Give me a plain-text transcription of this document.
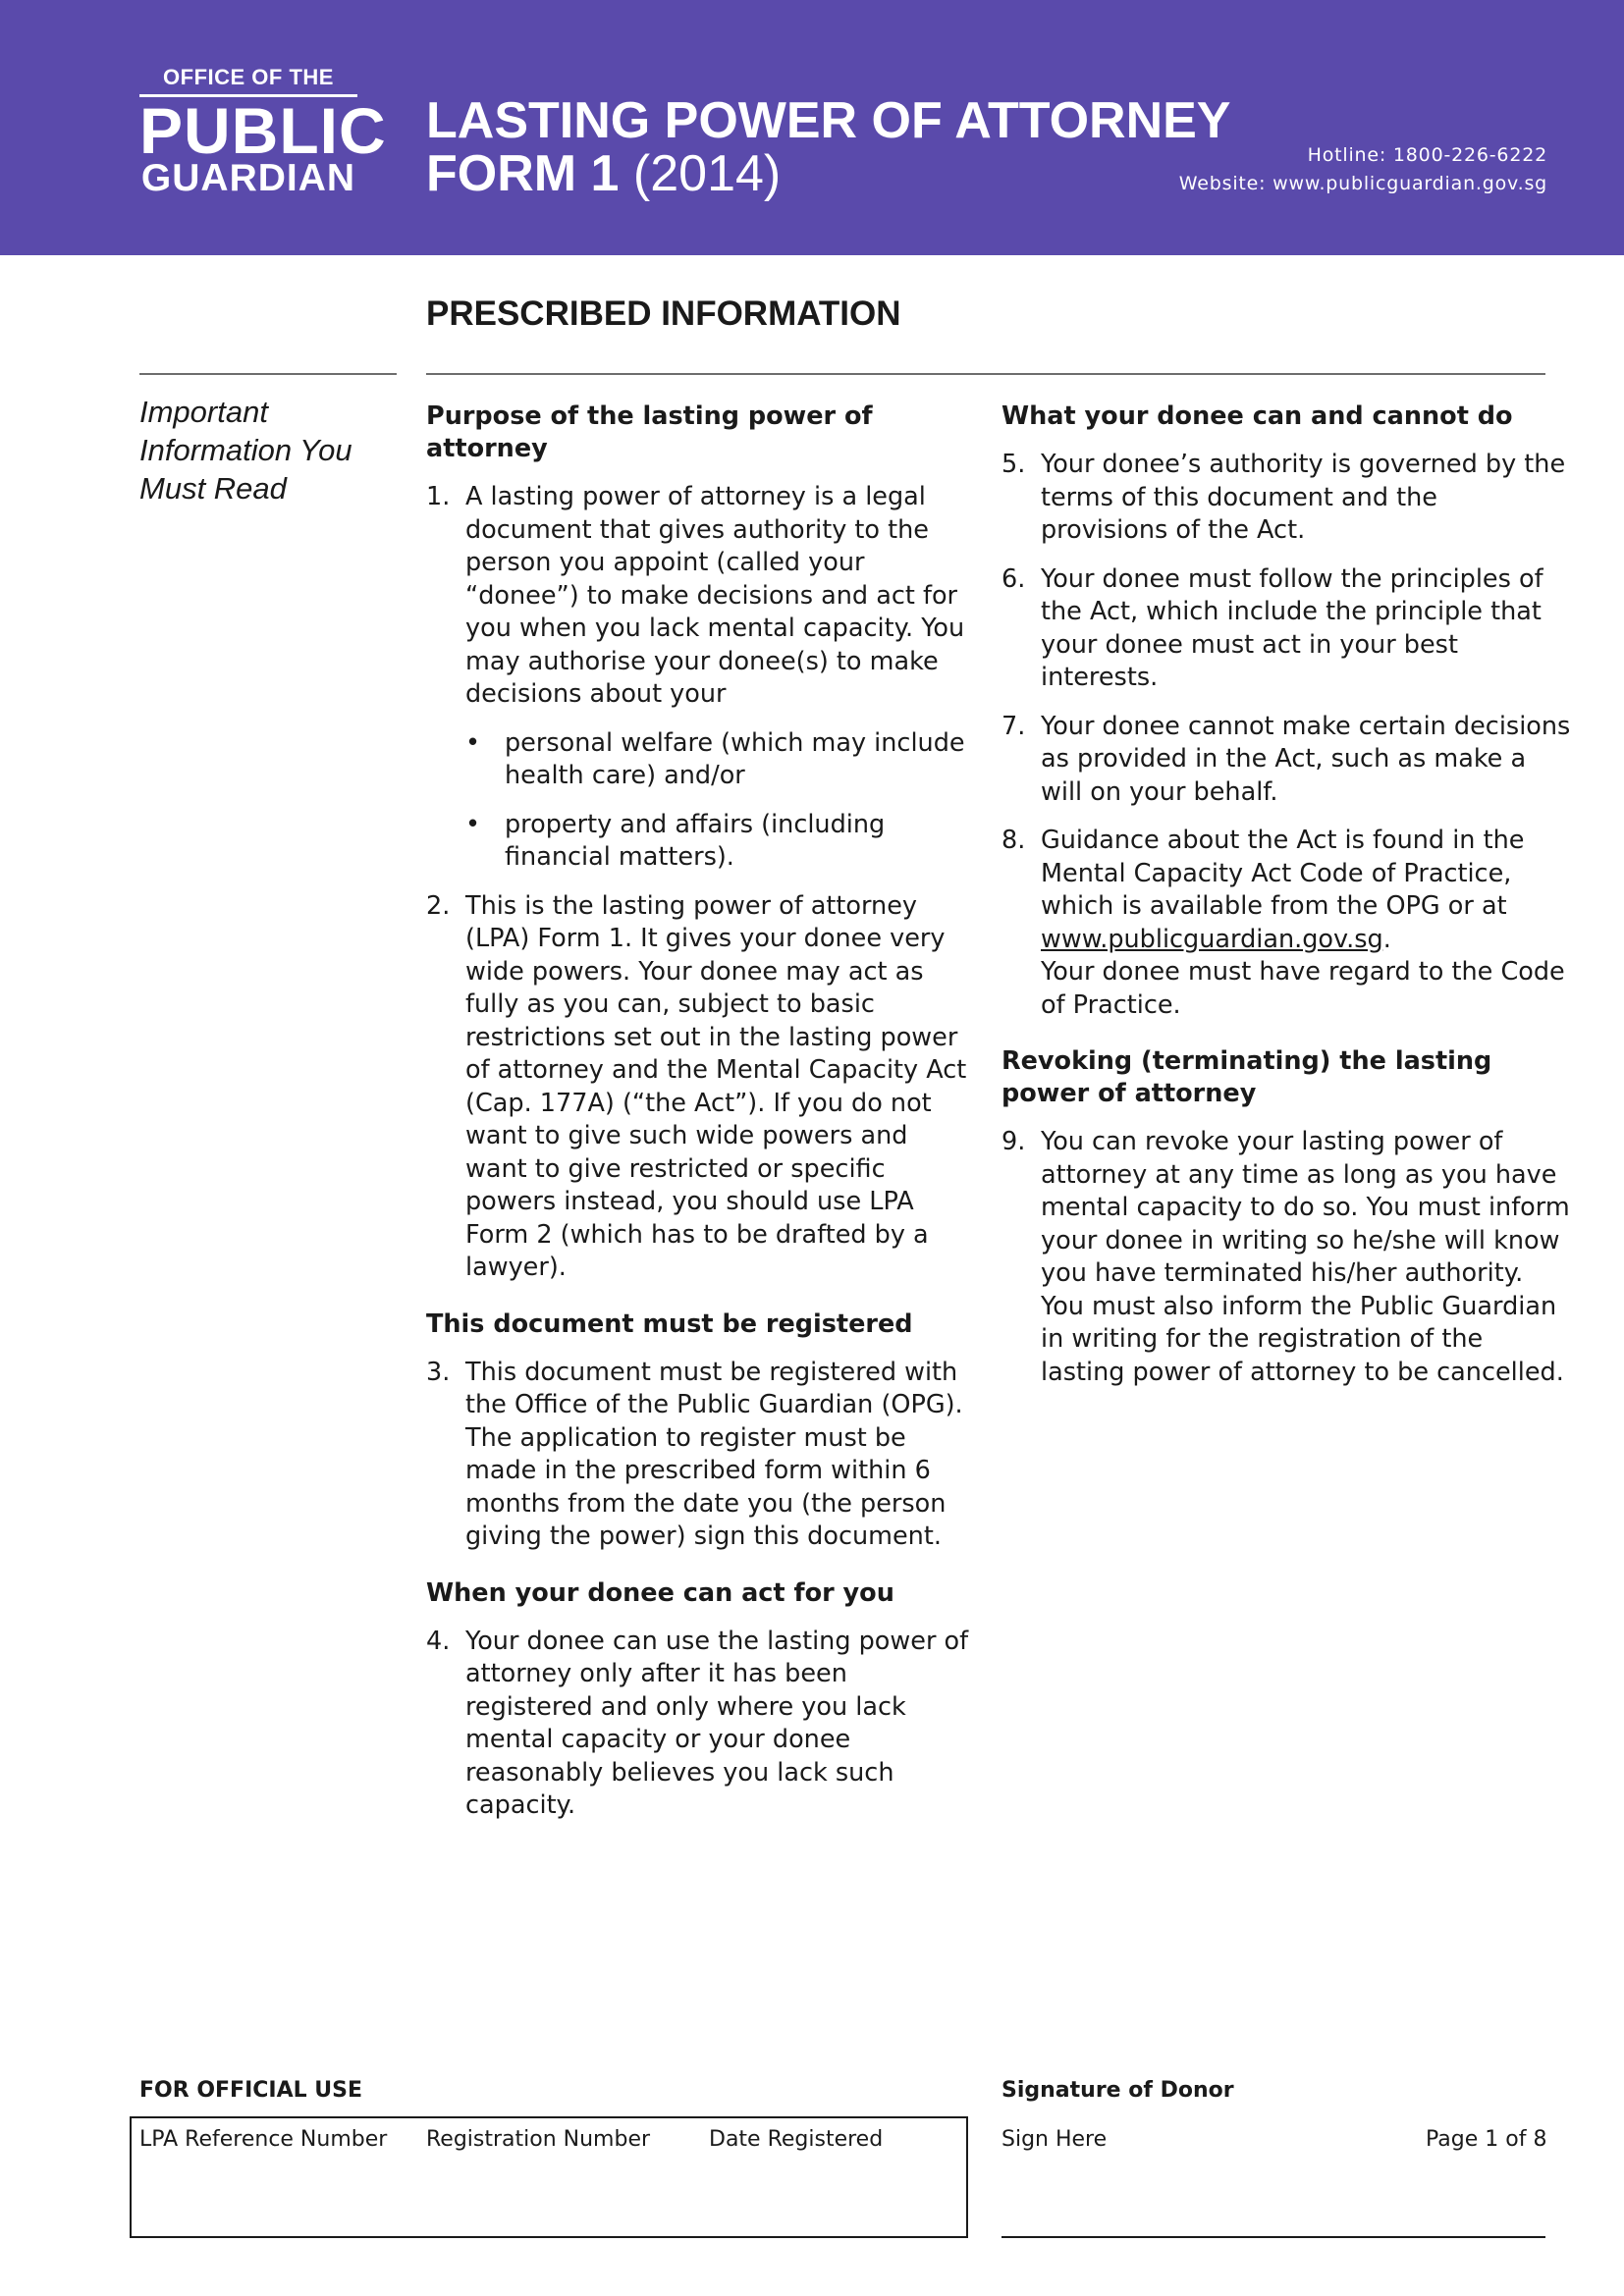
OFFICE OF THE
PUBLIC
GUARDIAN
LASTING POWER OF ATTORNEY
FORM 1 (2014)	Hotline: 1800-226-6222
Website: www.publicguardian.gov.sg
PRESCRIBED INFORMATION
Important Information You Must Read
Purpose of the lasting power of attorney
1. A lasting power of attorney is a legal document that gives authority to the person you appoint (called your “donee”) to make decisions and act for you when you lack mental capacity. You may authorise your donee(s) to make decisions about your
• personal welfare (which may include health care) and/or
• property and affairs (including financial matters).
2. This is the lasting power of attorney (LPA) Form 1. It gives your donee very wide powers. Your donee may act as fully as you can, subject to basic restrictions set out in the lasting power of attorney and the Mental Capacity Act (Cap. 177A) (“the Act”). If you do not want to give such wide powers and want to give restricted or specific powers instead, you should use LPA Form 2 (which has to be drafted by a lawyer).
This document must be registered
3. This document must be registered with the Office of the Public Guardian (OPG). The application to register must be made in the prescribed form within 6 months from the date you (the person giving the power) sign this document.
When your donee can act for you
4. Your donee can use the lasting power of attorney only after it has been registered and only where you lack mental capacity or your donee reasonably believes you lack such capacity.
What your donee can and cannot do
5. Your donee’s authority is governed by the terms of this document and the provisions of the Act.
6. Your donee must follow the principles of the Act, which include the principle that your donee must act in your best interests.
7. Your donee cannot make certain decisions as provided in the Act, such as make a will on your behalf.
8. Guidance about the Act is found in the Mental Capacity Act Code of Practice, which is available from the OPG or at www.publicguardian.gov.sg.
Your donee must have regard to the Code of Practice.
Revoking (terminating) the lasting power of attorney
9. You can revoke your lasting power of attorney at any time as long as you have mental capacity to do so. You must inform your donee in writing so he/she will know you have terminated his/her authority. You must also inform the Public Guardian in writing for the registration of the lasting power of attorney to be cancelled.
FOR OFFICIAL USE
LPA Reference Number Registration Number	Date Registered
Signature of Donor
Sign Here	Page 1 of 8
